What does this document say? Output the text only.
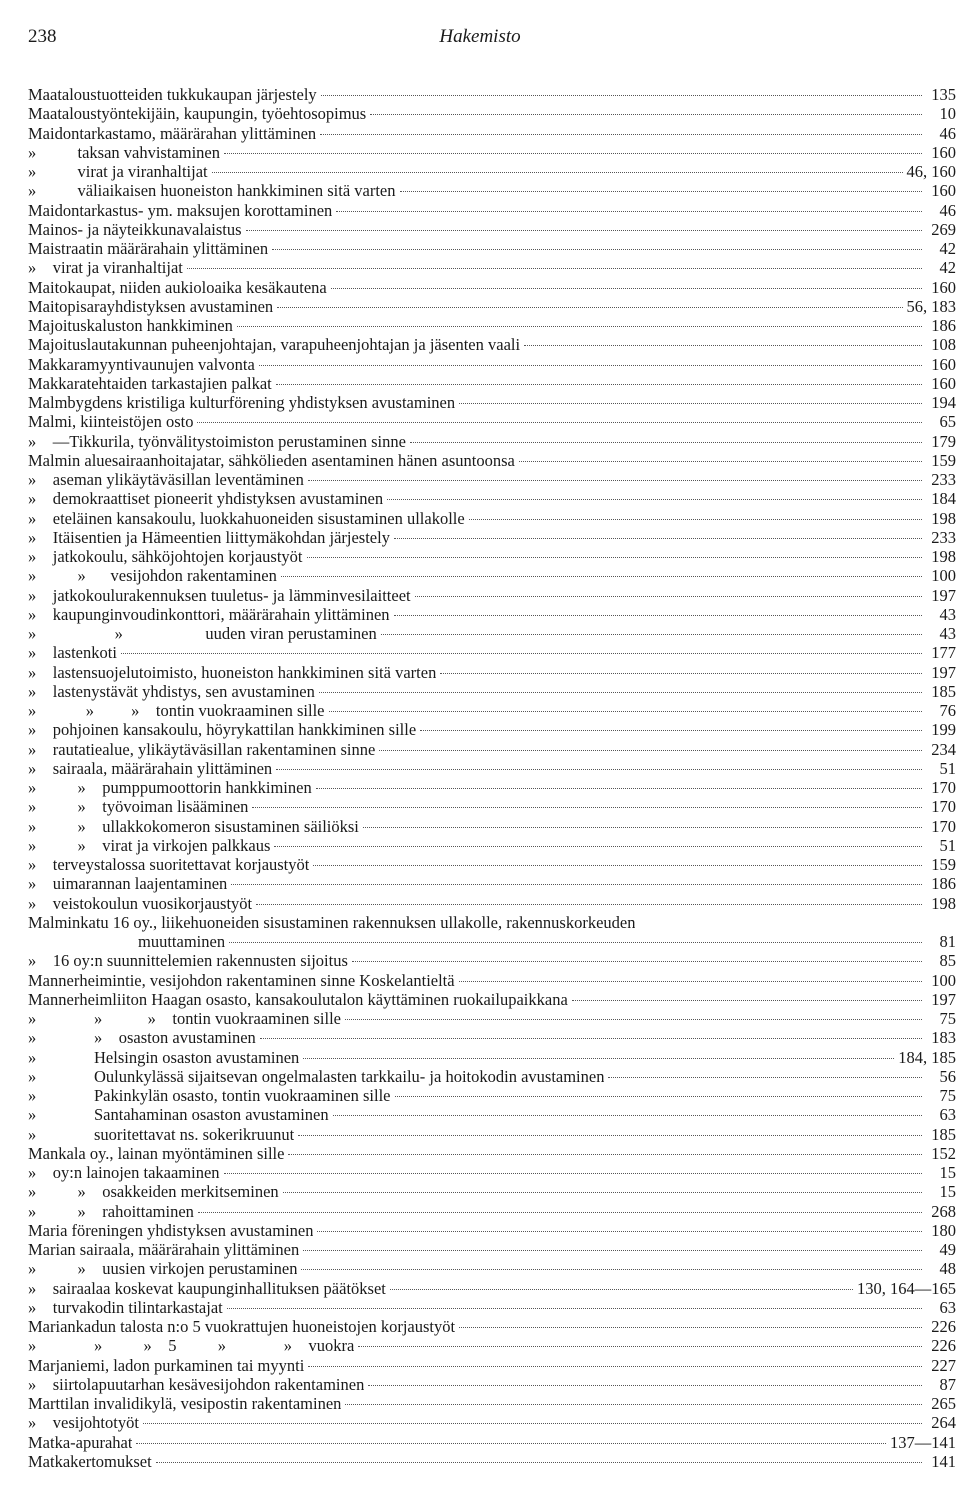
238	Hakemisto
Maataloustuotteiden tukkukaupan järjestely	135
Maataloustyöntekijäin, kaupungin, työehtosopimus	10
Maidontarkastamo, määrärahan ylittäminen	46
»          taksan vahvistaminen	160
»          virat ja viranhaltijat	46, 160
»          väliaikaisen huoneiston hankkiminen sitä varten	160
Maidontarkastus- ym. maksujen korottaminen	46
Mainos- ja näyteikkunavalaistus	269
Maistraatin määrärahain ylittäminen	42
»    virat ja viranhaltijat	42
Maitokaupat, niiden aukioloaika kesäkautena	160
Maitopisarayhdistyksen avustaminen	56, 183
Majoituskaluston hankkiminen	186
Majoituslautakunnan puheenjohtajan, varapuheenjohtajan ja jäsenten vaali	108
Makkaramyyntivaunujen valvonta	160
Makkaratehtaiden tarkastajien palkat	160
Malmbygdens kristiliga kulturförening yhdistyksen avustaminen	194
Malmi, kiinteistöjen osto	65
»    —Tikkurila, työnvälitystoimiston perustaminen sinne	179
Malmin aluesairaanhoitajatar, sähkölieden asentaminen hänen asuntoonsa	159
»    aseman ylikäytäväsillan leventäminen	233
»    demokraattiset pioneerit yhdistyksen avustaminen	184
»    eteläinen kansakoulu, luokkahuoneiden sisustaminen ullakolle	198
»    Itäisentien ja Hämeentien liittymäkohdan järjestely	233
»    jatkokoulu, sähköjohtojen korjaustyöt	198
»          »      vesijohdon rakentaminen	100
»    jatkokoulurakennuksen tuuletus- ja lämminvesilaitteet	197
»    kaupunginvoudinkonttori, määrärahain ylittäminen	43
»                   »                    uuden viran perustaminen	43
»    lastenkoti	177
»    lastensuojelutoimisto, huoneiston hankkiminen sitä varten	197
»    lastenystävät yhdistys, sen avustaminen	185
»            »         »    tontin vuokraaminen sille	76
»    pohjoinen kansakoulu, höyrykattilan hankkiminen sille	199
»    rautatiealue, ylikäytäväsillan rakentaminen sinne	234
»    sairaala, määrärahain ylittäminen	51
»          »    pumppumoottorin hankkiminen	170
»          »    työvoiman lisääminen	170
»          »    ullakkokomeron sisustaminen säiliöksi	170
»          »    virat ja virkojen palkkaus	51
»    terveystalossa suoritettavat korjaustyöt	159
»    uimarannan laajentaminen	186
»    veistokoulun vuosikorjaustyöt	198
Malminkatu 16 oy., liikehuoneiden sisustaminen rakennuksen ullakolle, rakennuskorkeuden
muuttaminen	81
»    16 oy:n suunnittelemien rakennusten sijoitus	85
Mannerheimintie, vesijohdon rakentaminen sinne Koskelantieltä	100
Mannerheimliiton Haagan osasto, kansakoulutalon käyttäminen ruokailupaikkana	197
»              »           »    tontin vuokraaminen sille	75
»              »    osaston avustaminen	183
»              Helsingin osaston avustaminen	184, 185
»              Oulunkylässä sijaitsevan ongelmalasten tarkkailu- ja hoitokodin avustaminen	56
»              Pakinkylän osasto, tontin vuokraaminen sille	75
»              Santahaminan osaston avustaminen	63
»              suoritettavat ns. sokerikruunut	185
Mankala oy., lainan myöntäminen sille	152
»    oy:n lainojen takaaminen	15
»          »    osakkeiden merkitseminen	15
»          »    rahoittaminen	268
Maria föreningen yhdistyksen avustaminen	180
Marian sairaala, määrärahain ylittäminen	49
»          »    uusien virkojen perustaminen	48
»    sairaalaa koskevat kaupunginhallituksen päätökset	130, 164—165
»    turvakodin tilintarkastajat	63
Mariankadun talosta n:o 5 vuokrattujen huoneistojen korjaustyöt	226
»              »          »    5          »              »    vuokra	226
Marjaniemi, ladon purkaminen tai myynti	227
»    siirtolapuutarhan kesävesijohdon rakentaminen	87
Marttilan invalidikylä, vesipostin rakentaminen	265
»    vesijohtotyöt	264
Matka-apurahat	137—141
Matkakertomukset	141
